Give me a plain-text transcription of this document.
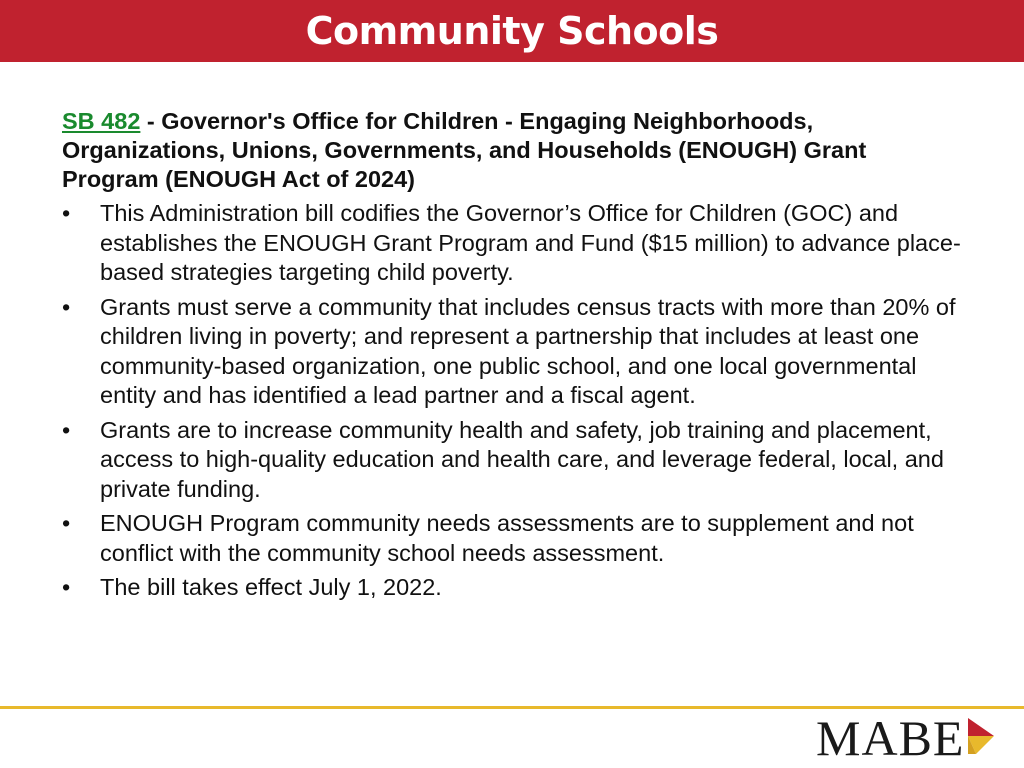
Community Schools

SB 482 - Governor's Office for Children - Engaging Neighborhoods, Organizations, Unions, Governments, and Households (ENOUGH) Grant Program (ENOUGH Act of 2024)

• This Administration bill codifies the Governor’s Office for Children (GOC) and establishes the ENOUGH Grant Program and Fund ($15 million) to advance place-based strategies targeting child poverty.
• Grants must serve a community that includes census tracts with more than 20% of children living in poverty; and represent a partnership that includes at least one community-based organization, one public school, and one local governmental entity and has identified a lead partner and a fiscal agent.
• Grants are to increase community health and safety, job training and placement, access to high-quality education and health care, and leverage federal, local, and private funding.
• ENOUGH Program community needs assessments are to supplement and not conflict with the community school needs assessment.
• The bill takes effect July 1, 2022.
MABE
